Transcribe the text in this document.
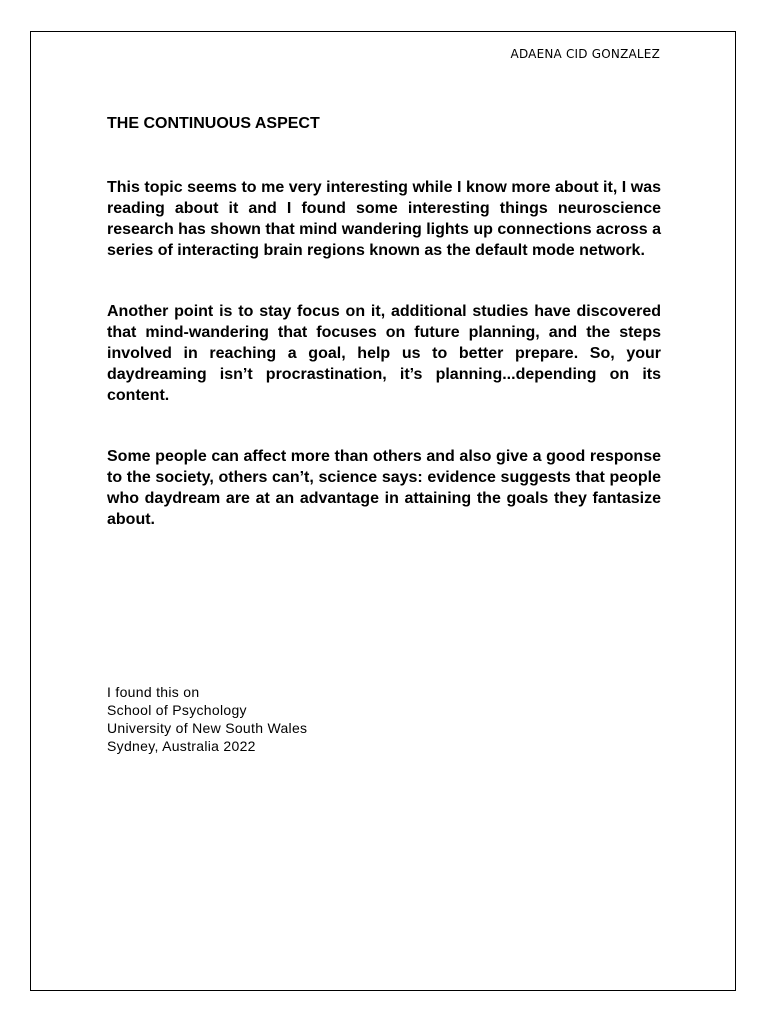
ADAENA CID GONZALEZ
THE CONTINUOUS ASPECT

This topic seems to me very interesting while I know more about it, I was reading about it and I found some interesting things neuroscience research has shown that mind wandering lights up connections across a series of interacting brain regions known as the default mode network.

Another point is to stay focus on it, additional studies have discovered that mind-wandering that focuses on future planning, and the steps involved in reaching a goal, help us to better prepare. So, your daydreaming isn’t procrastination, it’s planning...depending on its content.

Some people can affect more than others and also give a good response to the society, others can’t, science says: evidence suggests that people who daydream are at an advantage in attaining the goals they fantasize about.

I found this on
School of Psychology
University of New South Wales
Sydney, Australia 2022
